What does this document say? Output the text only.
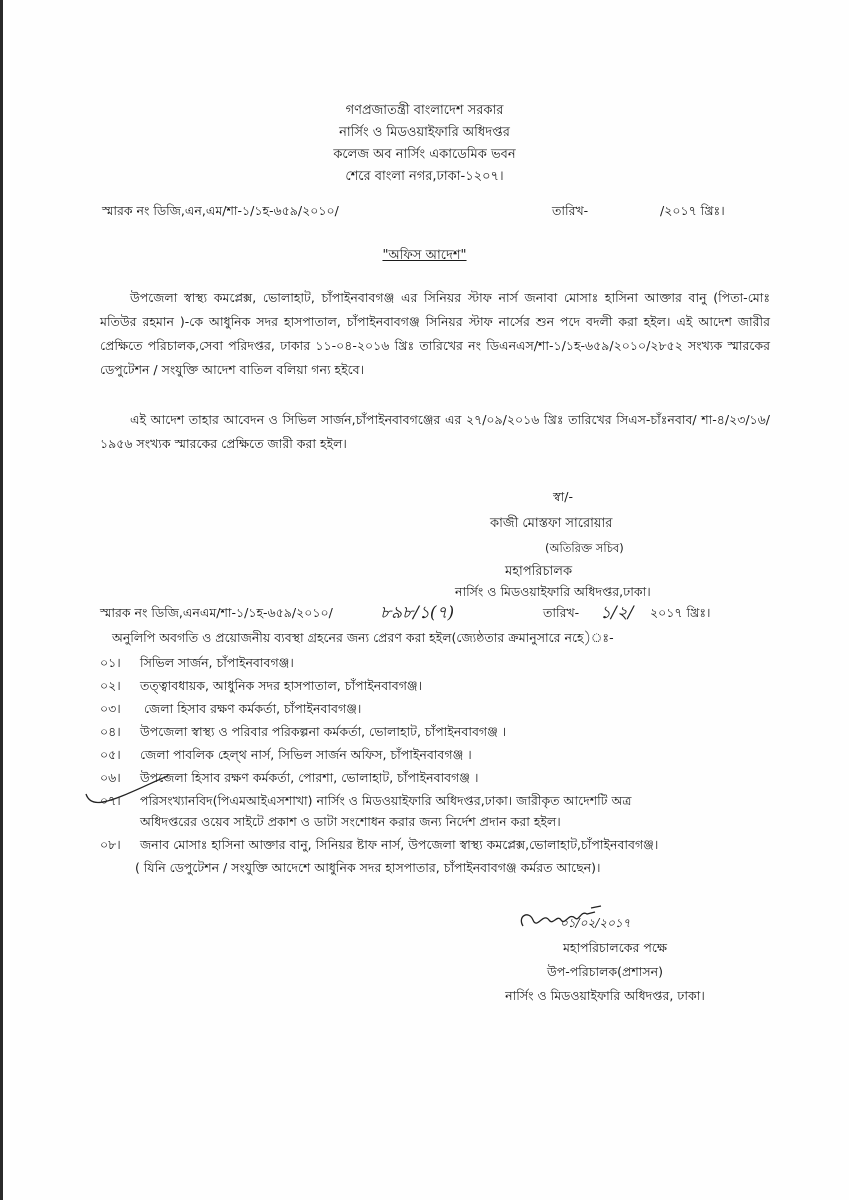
গণপ্রজাতন্ত্রী বাংলাদেশ সরকার
নার্সিং ও মিডওয়াইফারি অধিদপ্তর
কলেজ অব নার্সিং একাডেমিক ভবন
শেরে বাংলা নগর,ঢাকা-১২০৭।
স্মারক নং ডিজি,এন,এম/শা-১/১হ-৬৫৯/২০১০/	তারিখ-	/২০১৭ খ্রিঃ।
"অফিস আদেশ"
উপজেলা স্বাস্থ্য কমপ্লেক্স, ভোলাহাট, চাঁপাইনবাবগঞ্জ এর সিনিয়র স্টাফ নার্স জনাবা মোসাঃ হাসিনা আক্তার বানু (পিতা-মোঃ মতিউর রহমান )-কে আধুনিক সদর হাসপাতাল, চাঁপাইনবাবগঞ্জ সিনিয়র স্টাফ নার্সের শুন পদে বদলী করা হইল। এই আদেশ জারীর প্রেক্ষিতে পরিচালক,সেবা পরিদপ্তর, ঢাকার ১১-০৪-২০১৬ খ্রিঃ তারিখের নং ডিএনএস/শা-১/১হ-৬৫৯/২০১০/২৮৫২ সংখ্যক স্মারকের ডেপুটেশন / সংযুক্তি আদেশ বাতিল বলিয়া গন্য হইবে।
এই আদেশ তাহার আবেদন ও সিভিল সার্জন,চাঁপাইনবাবগঞ্জের এর ২৭/০৯/২০১৬ খ্রিঃ তারিখের সিএস-চাঁঃনবাব/ শা-৪/২৩/১৬/ ১৯৫৬ সংখ্যক স্মারকের প্রেক্ষিতে জারী করা হইল।
স্বা/-
কাজী মোস্তফা সারোয়ার
(অতিরিক্ত সচিব)
মহাপরিচালক
নার্সিং ও মিডওয়াইফারি অধিদপ্তর,ঢাকা।
স্মারক নং ডিজি,এনএম/শা-১/১হ-৬৫৯/২০১০/	৮৯৮/১(৭)	তারিখ- ১/২/ ২০১৭ খ্রিঃ।
অনুলিপি অবগতি ও প্রয়োজনীয় ব্যবস্থা গ্রহনের জন্য প্রেরণ করা হইল(জ্যেষ্ঠতার ক্রমানুসারে নহে)ঃ-
০১। সিভিল সার্জন, চাঁপাইনবাবগঞ্জ।
০২। তত্ত্বাবধায়ক, আধুনিক সদর হাসপাতাল, চাঁপাইনবাবগঞ্জ।
০৩। জেলা হিসাব রক্ষণ কর্মকর্তা, চাঁপাইনবাবগঞ্জ।
০৪। উপজেলা স্বাস্থ্য ও পরিবার পরিকল্পনা কর্মকর্তা, ভোলাহাট, চাঁপাইনবাবগঞ্জ ।
০৫। জেলা পাবলিক হেল্‌থ নার্স, সিভিল সার্জন অফিস, চাঁপাইনবাবগঞ্জ ।
০৬। উপজেলা হিসাব রক্ষণ কর্মকর্তা, পোরশা, ভোলাহাট, চাঁপাইনবাবগঞ্জ ।
০৭। পরিসংখ্যানবিদ(পিএমআইএসশাখা) নার্সিং ও মিডওয়াইফারি অধিদপ্তর,ঢাকা। জারীকৃত আদেশটি অত্র
অধিদপ্তরের ওয়েব সাইটে প্রকাশ ও ডাটা সংশোধন করার জন্য নির্দেশ প্রদান করা হইল।
০৮। জনাব মোসাঃ হাসিনা আক্তার বানু, সিনিয়র ষ্টাফ নার্স, উপজেলা স্বাস্থ্য কমপ্লেক্স,ভোলাহাট,চাঁপাইনবাবগঞ্জ।
( যিনি ডেপুটেশন / সংযুক্তি আদেশে আধুনিক সদর হাসপাতার, চাঁপাইনবাবগঞ্জ কর্মরত আছেন)।
০১/০২/২০১৭
মহাপরিচালকের পক্ষে
উপ-পরিচালক(প্রশাসন)
নার্সিং ও মিডওয়াইফারি অধিদপ্তর, ঢাকা।
